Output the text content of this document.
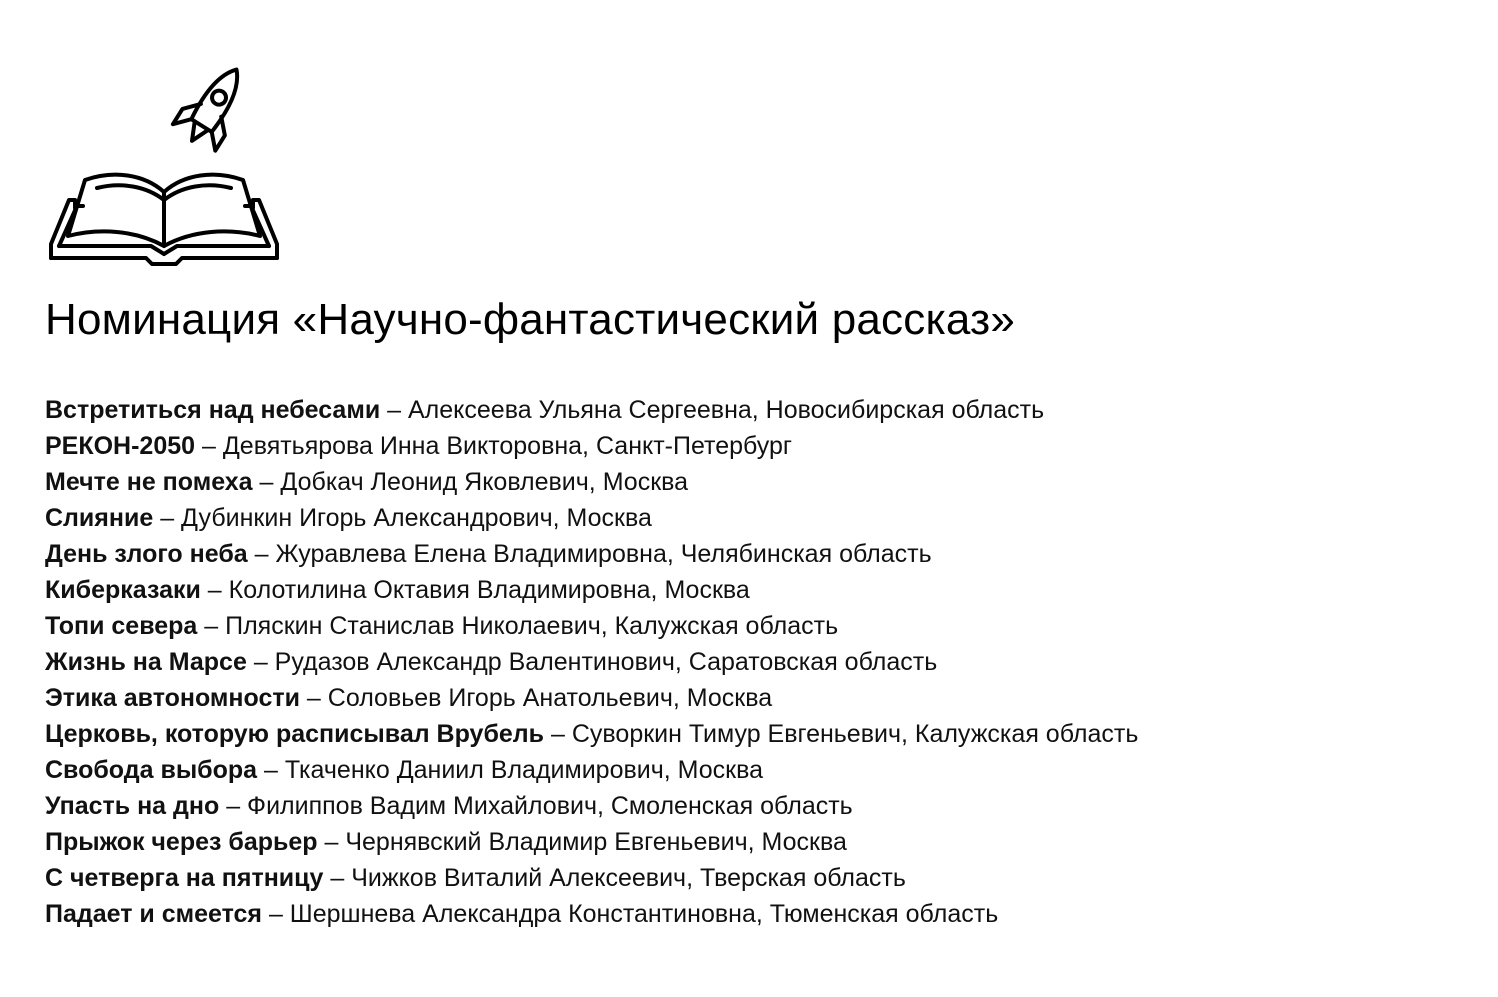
Номинация «Научно-фантастический рассказ»
Встретиться над небесами – Алексеева Ульяна Сергеевна, Новосибирская область
РЕКОН-2050 – Девятьярова Инна Викторовна, Санкт-Петербург
Мечте не помеха – Добкач Леонид Яковлевич, Москва
Слияние – Дубинкин Игорь Александрович, Москва
День злого неба – Журавлева Елена Владимировна, Челябинская область
Киберказаки – Колотилина Октавия Владимировна, Москва
Топи севера – Пляскин Станислав Николаевич, Калужская область
Жизнь на Марсе – Рудазов Александр Валентинович, Саратовская область
Этика автономности – Соловьев Игорь Анатольевич, Москва
Церковь, которую расписывал Врубель – Суворкин Тимур Евгеньевич, Калужская область
Свобода выбора – Ткаченко Даниил Владимирович, Москва
Упасть на дно – Филиппов Вадим Михайлович, Смоленская область
Прыжок через барьер – Чернявский Владимир Евгеньевич, Москва
С четверга на пятницу – Чижков Виталий Алексеевич, Тверская область
Падает и смеется – Шершнева Александра Константиновна, Тюменская область
